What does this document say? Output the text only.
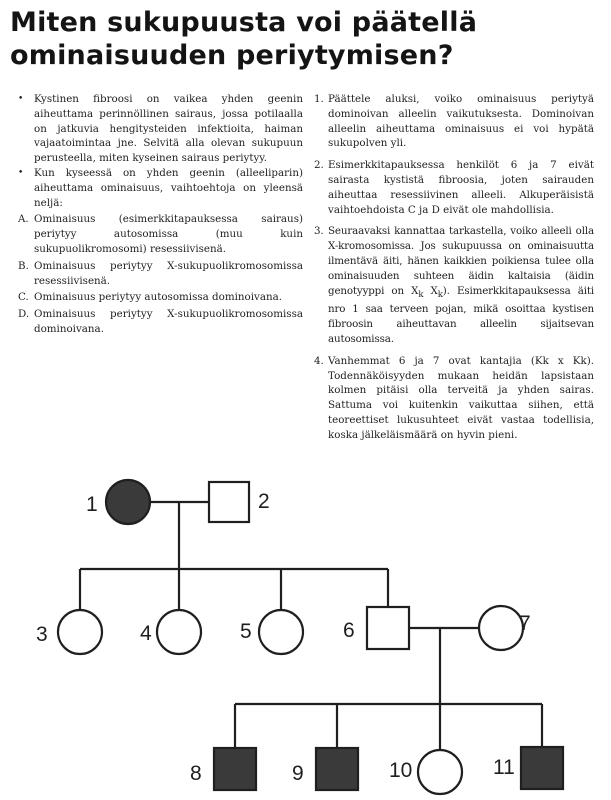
Miten sukupuusta voi päätellä
ominaisuuden periytymisen?

• Kystinen fibroosi on vaikea yhden geenin aiheuttama perinnöllinen sairaus, jossa potilaalla on jatkuvia hengitysteiden infektioita, haiman vajaatoimintaa jne. Selvitä alla olevan sukupuun perusteella, miten kyseinen sairaus periytyy.

• Kun kyseessä on yhden geenin (alleeliparin) aiheuttama ominaisuus, vaihtoehtoja on yleensä neljä:

A. Ominaisuus (esimerkkitapauksessa sairaus) periytyy autosomissa (muu kuin sukupuolikromosomi) resessiivisenä.

B. Ominaisuus periytyy X-sukupuolikromosomissa resessiivisenä.

C. Ominaisuus periytyy autosomissa dominoivana.

D. Ominaisuus periytyy X-sukupuolikromosomissa dominoivana.

1. Päättele aluksi, voiko ominaisuus periytyä dominoivan alleelin vaikutuksesta. Dominoivan alleelin aiheuttama ominaisuus ei voi hypätä sukupolven yli.

2. Esimerkkitapauksessa henkilöt 6 ja 7 eivät sairasta kystistä fibroosia, joten sairauden aiheuttaa resessiivinen alleeli. Alkuperäisistä vaihtoehdoista C ja D eivät ole mahdollisia.

3. Seuraavaksi kannattaa tarkastella, voiko alleeli olla X-kromosomissa. Jos sukupuussa on ominaisuutta ilmentävä äiti, hänen kaikkien poikiensa tulee olla ominaisuuden suhteen äidin kaltaisia (äidin genotyyppi on $X_k$ $X_k$). Esimerkkitapauksessa äiti nro 1 saa terveen pojan, mikä osoittaa kystisen fibroosin aiheuttavan alleelin sijaitsevan autosomissa.

4. Vanhemmat 6 ja 7 ovat kantajia (Kk x Kk). Todennäköisyyden mukaan heidän lapsistaan kolmen pitäisi olla terveitä ja yhden sairas. Sattuma voi kuitenkin vaikuttaa siihen, että teoreettiset lukusuhteet eivät vastaa todellisia, koska jälkeläismäärä on hyvin pieni.

1	2
3	4	5	6	7
8	9	10	11
